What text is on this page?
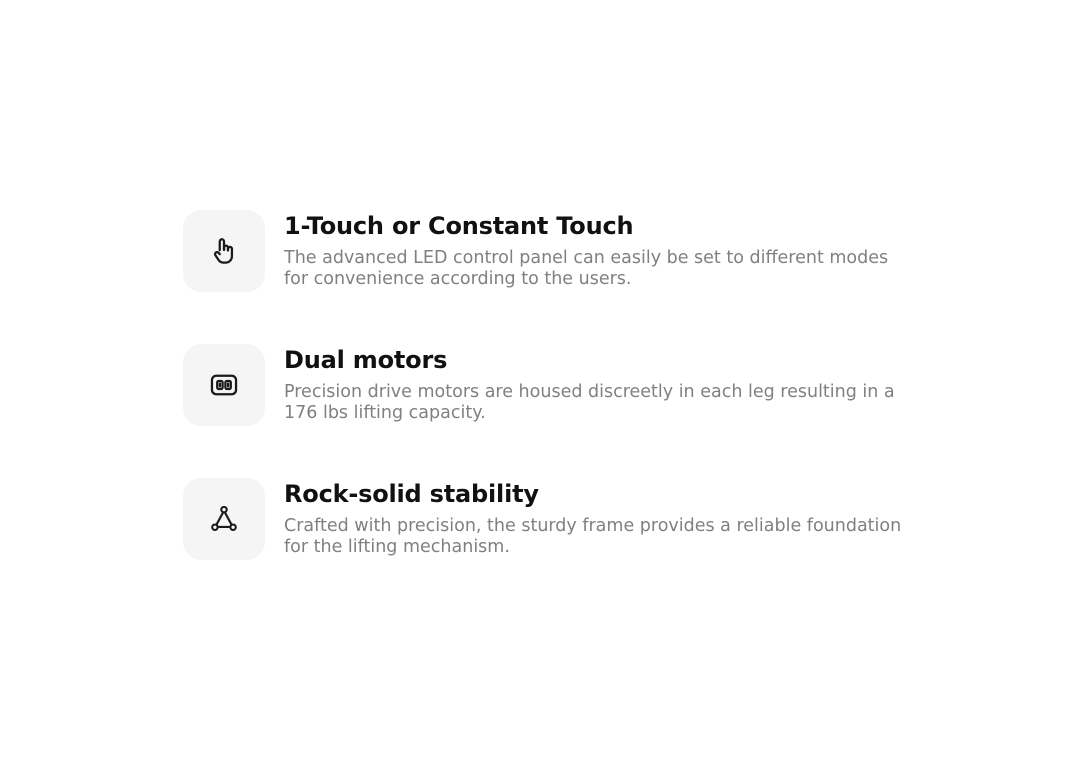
1-Touch or Constant Touch

The advanced LED control panel can easily be set to different modes for convenience according to the users.

Dual motors

Precision drive motors are housed discreetly in each leg resulting in a 176 lbs lifting capacity.

Rock-solid stability

Crafted with precision, the sturdy frame provides a reliable foundation for the lifting mechanism.
